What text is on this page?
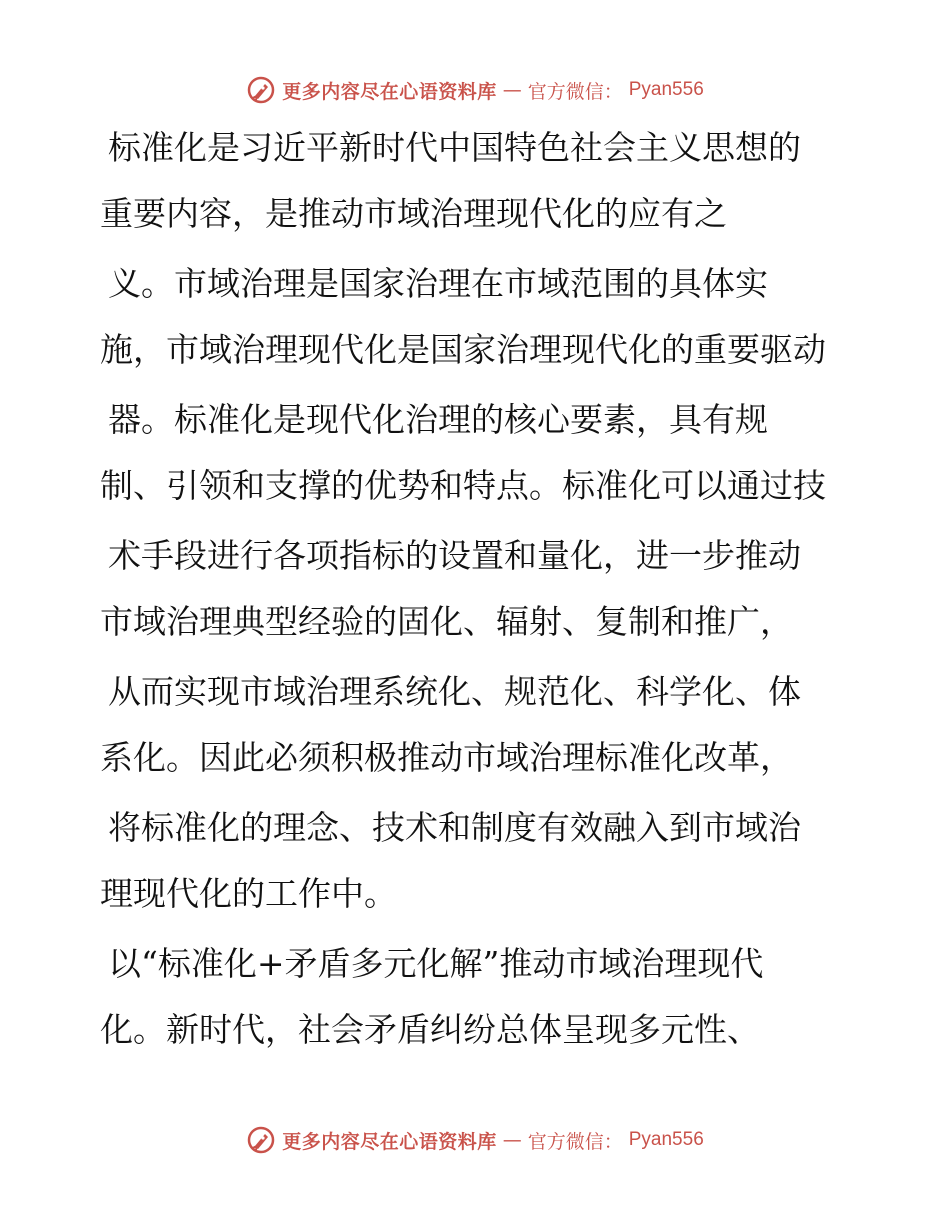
更多内容尽在心语资料库 — 官方微信： Pyan556

标准化是习近平新时代中国特色社会主义思想的

重要内容，是推动市域治理现代化的应有之

义。市域治理是国家治理在市域范围的具体实

施，市域治理现代化是国家治理现代化的重要驱动

器。标准化是现代化治理的核心要素，具有规

制、引领和支撑的优势和特点。标准化可以通过技

术手段进行各项指标的设置和量化，进一步推动

市域治理典型经验的固化、辐射、复制和推广，

从而实现市域治理系统化、规范化、科学化、体

系化。因此必须积极推动市域治理标准化改革，

将标准化的理念、技术和制度有效融入到市域治

理现代化的工作中。

以“标准化+矛盾多元化解”推动市域治理现代

化。新时代，社会矛盾纠纷总体呈现多元性、

更多内容尽在心语资料库 — 官方微信： Pyan556
